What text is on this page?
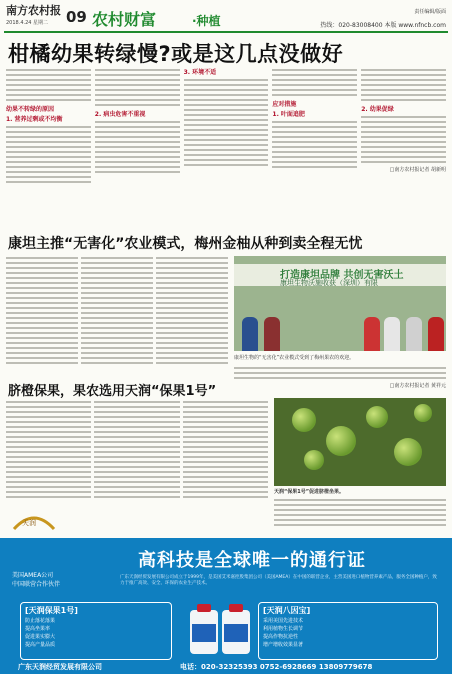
南方农村报
2018.4.24 星期二 09 农村财富	·种植
责任编辑/版面
热线：020-83008400 本版 www.nfncb.com
柑橘幼果转绿慢?或是这几点没做好
幼果不转绿的原因
1. 营养过剩或不均衡
2. 病虫危害不重视
3. 环境不适
应对措施
1. 叶面追肥
2. 幼果促绿
□南方农村报记者 胡新明
康坦主推“无害化”农业模式，梅州金柚从种到卖全程无忧
打造康坦品牌 共创无害沃土
康坦生物沃施收获（深圳）有限
康坦生物的“无害化”农业模式受到了梅州果农的欢迎。
□南方农村报记者 黄祥元
脐橙保果，果农选用天润“保果1号”
天润
天润“保果1号”促进脐橙坐果。
高科技是全球唯一的通行证
美国AMEA公司
中国联营合作伙伴
广东天润经贸发展有限公司成立于1999年，是美国艾米嘉控股集团公司（美国AMEA）在中国的联营企业，主营美国进口植物营养素产品，服务全国种植户，致力于推广高效、安全、环保的农业生产技术。
[天润保果1号]
防止落花落果
提高坐果率
促进果实膨大
提高产量品质
[天润八因宝]
采用美国先进技术
利用植物生长调节
提高作物抗逆性
增产增收效果显著
广东天润经贸发展有限公司	电话：020-32325393 0752-6928669 13809779678
